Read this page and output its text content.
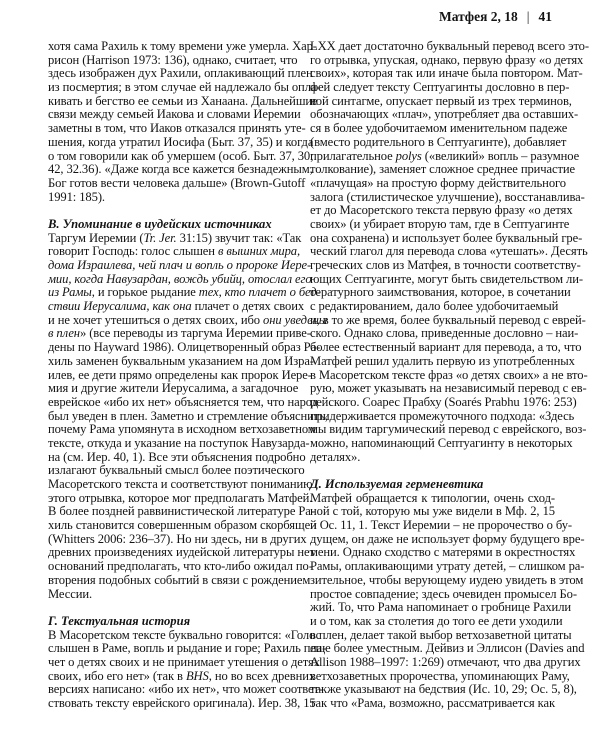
Матфея 2, 18 | 41
хотя сама Рахиль к тому времени уже умерла. Хар-
рисон (Harrison 1973: 136), однако, считает, что
здесь изображен дух Рахили, оплакивающий плен
из посмертия; в этом случае ей надлежало бы опла-
кивать и бегство ее семьи из Ханаана. Дальнейшие
связи между семьей Иакова и словами Иеремии
заметны в том, что Иаков отказался принять уте-
шения, когда утратил Иосифа (Быт. 37, 35) и когда
о том говорили как об умершем (особ. Быт. 37, 30;
42, 32.36). «Даже когда все кажется безнадежным,
Бог готов вести человека дальше» (Brown-Gutoff
1991: 185).
В. Упоминание в иудейских источниках
Таргум Иеремии (Tr. Jer. 31:15) звучит так: «Так
говорит Господь: голос слышен в вышних мира,
дома Израилева, чей плач и вопль о пророке Иере-
мии, когда Навузардан, вождь убийц, отослал его
из Рамы, и горькое рыдание тех, кто плачет о бед-
ствии Иерусалима, как она плачет о детях своих
и не хочет утешиться о детях своих, ибо они уведены
в плен» (все переводы из таргума Иеремии приве-
дены по Hayward 1986). Олицетворенный образ Ра-
хиль заменен буквальным указанием на дом Изра-
илев, ее дети прямо определены как пророк Иере-
мия и другие жители Иерусалима, а загадочное
еврейское «ибо их нет» объясняется тем, что народ
был уведен в плен. Заметно и стремление объяснить,
почему Рама упомянута в исходном ветхозаветном
тексте, откуда и указание на поступок Навузарда-
на (см. Иер. 40, 1). Все эти объяснения подробно
излагают буквальный смысл более поэтического
Масоретского текста и соответствуют пониманию
этого отрывка, которое мог предполагать Матфей.
В более поздней раввинистической литературе Ра-
хиль становится совершенным образом скорбящей
(Whitters 2006: 236–37). Но ни здесь, ни в других
древних произведениях иудейской литературы нет
оснований предполагать, что кто-либо ожидал по-
вторения подобных событий в связи с рождением
Мессии.
Г. Текстуальная история
В Масоретском тексте буквально говорится: «Голос
слышен в Раме, вопль и рыдание и горе; Рахиль пла-
чет о детях своих и не принимает утешения о детях
своих, ибо его нет» (так в BHS, но во всех древних
версиях написано: «ибо их нет», что может соответ-
ствовать тексту еврейского оригинала). Иер. 38, 15
LXX дает достаточно буквальный перевод всего это-
го отрывка, упуская, однако, первую фразу «о детях
своих», которая так или иначе была повтором. Мат-
фей следует тексту Септуагинты дословно в пер-
вой синтагме, опускает первый из трех терминов,
обозначающих «плач», употребляет два оставших-
ся в более удобочитаемом именительном падеже
(вместо родительного в Септуагинте), добавляет
прилагательное polys («великий» вопль – разумное
толкование), заменяет сложное среднее причастие
«плачущая» на простую форму действительного
залога (стилистическое улучшение), восстанавлива-
ет до Масоретского текста первую фразу «о детях
своих» (и убирает вторую там, где в Септуагинте
она сохранена) и использует более буквальный гре-
ческий глагол для перевода слова «утешать». Десять
греческих слов из Матфея, в точности соответству-
ющих Септуагинте, могут быть свидетельством ли-
тературного заимствования, которое, в сочетании
с редактированием, дало более удобочитаемый
и, в то же время, более буквальный перевод с еврей-
ского. Однако слова, приведенные дословно – наи-
более естественный вариант для перевода, а то, что
Матфей решил удалить первую из употребленных
в Масоретском тексте фраз «о детях своих» а не вто-
рую, может указывать на независимый перевод с ев-
рейского. Соарес Прабху (Soarés Prabhu 1976: 253)
придерживается промежуточного подхода: «Здесь
мы видим таргумический перевод с еврейского, воз-
можно, напоминающий Септуагинту в некоторых
деталях».
Д. Используемая герменевтика
Матфей обращается к типологии, очень сход-
ной с той, которую мы уже видели в Мф. 2, 15
и Ос. 11, 1. Текст Иеремии – не пророчество о бу-
дущем, он даже не использует форму будущего вре-
мени. Однако сходство с матерями в окрестностях
Рамы, оплакивающими утрату детей, – слишком ра-
зительное, чтобы верующему иудею увидеть в этом
простое совпадение; здесь очевиден промысел Бо-
жий. То, что Рама напоминает о гробнице Рахили
и о том, как за столетия до того ее дети уходили
в плен, делает такой выбор ветхозаветной цитаты
еще более уместным. Дейвиз и Эллисон (Davies and
Allison 1988–1997: 1:269) отмечают, что два других
ветхозаветных пророчества, упоминающих Раму,
также указывают на бедствия (Ис. 10, 29; Ос. 5, 8),
так что «Рама, возможно, рассматривается как
